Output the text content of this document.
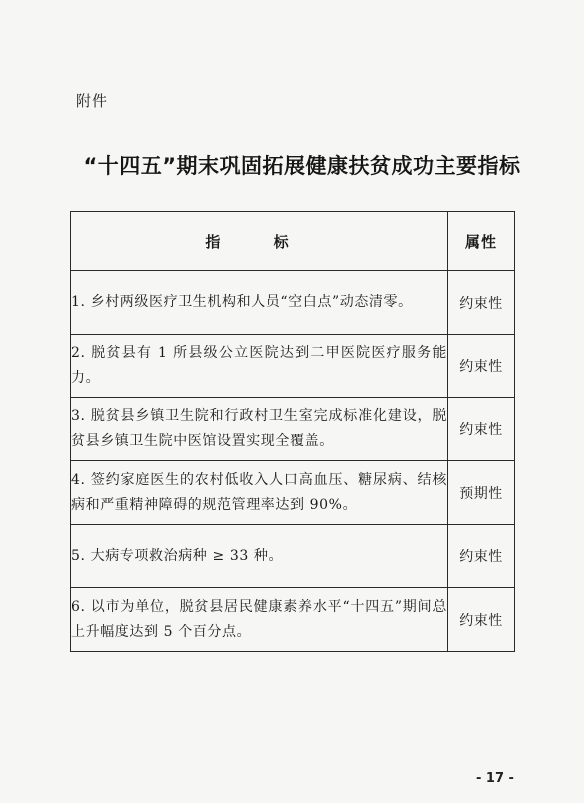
附件
“十四五”期末巩固拓展健康扶贫成功主要指标
指 标	属性
1. 乡村两级医疗卫生机构和人员“空白点”动态清零。	约束性
2. 脱贫县有 1 所县级公立医院达到二甲医院医疗服务能力。	约束性
3. 脱贫县乡镇卫生院和行政村卫生室完成标准化建设，脱贫县乡镇卫生院中医馆设置实现全覆盖。	约束性
4. 签约家庭医生的农村低收入人口高血压、糖尿病、结核病和严重精神障碍的规范管理率达到 90%。	预期性
5. 大病专项救治病种 ≥ 33 种。	约束性
6. 以市为单位，脱贫县居民健康素养水平“十四五”期间总上升幅度达到 5 个百分点。	约束性
- 17 -
